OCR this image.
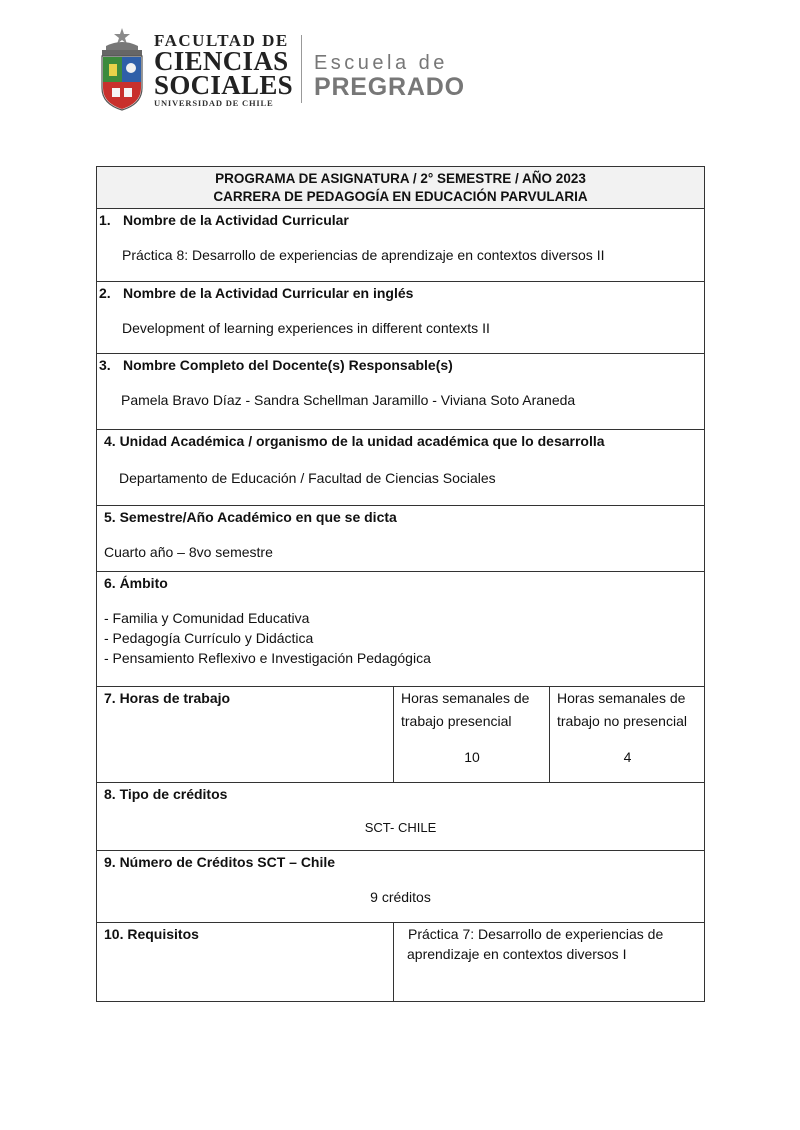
FACULTAD DE
CIENCIAS
SOCIALES
UNIVERSIDAD DE CHILE
Escuela de
PREGRADO
PROGRAMA DE ASIGNATURA / 2° SEMESTRE / AÑO 2023
CARRERA DE PEDAGOGÍA EN EDUCACIÓN PARVULARIA
1. Nombre de la Actividad Curricular
Práctica 8: Desarrollo de experiencias de aprendizaje en contextos diversos II
2. Nombre de la Actividad Curricular en inglés
Development of learning experiences in different contexts II
3. Nombre Completo del Docente(s) Responsable(s)
Pamela Bravo Díaz - Sandra Schellman Jaramillo - Viviana Soto Araneda
4. Unidad Académica / organismo de la unidad académica que lo desarrolla
Departamento de Educación / Facultad de Ciencias Sociales
5. Semestre/Año Académico en que se dicta
Cuarto año – 8vo semestre
6. Ámbito
- Familia y Comunidad Educativa
- Pedagogía Currículo y Didáctica
- Pensamiento Reflexivo e Investigación Pedagógica
7. Horas de trabajo	Horas semanales de
trabajo presencial
10
Horas semanales de
trabajo no presencial
4
8. Tipo de créditos
SCT- CHILE
9. Número de Créditos SCT – Chile
9 créditos
10. Requisitos	Práctica 7: Desarrollo de experiencias de
aprendizaje en contextos diversos I
